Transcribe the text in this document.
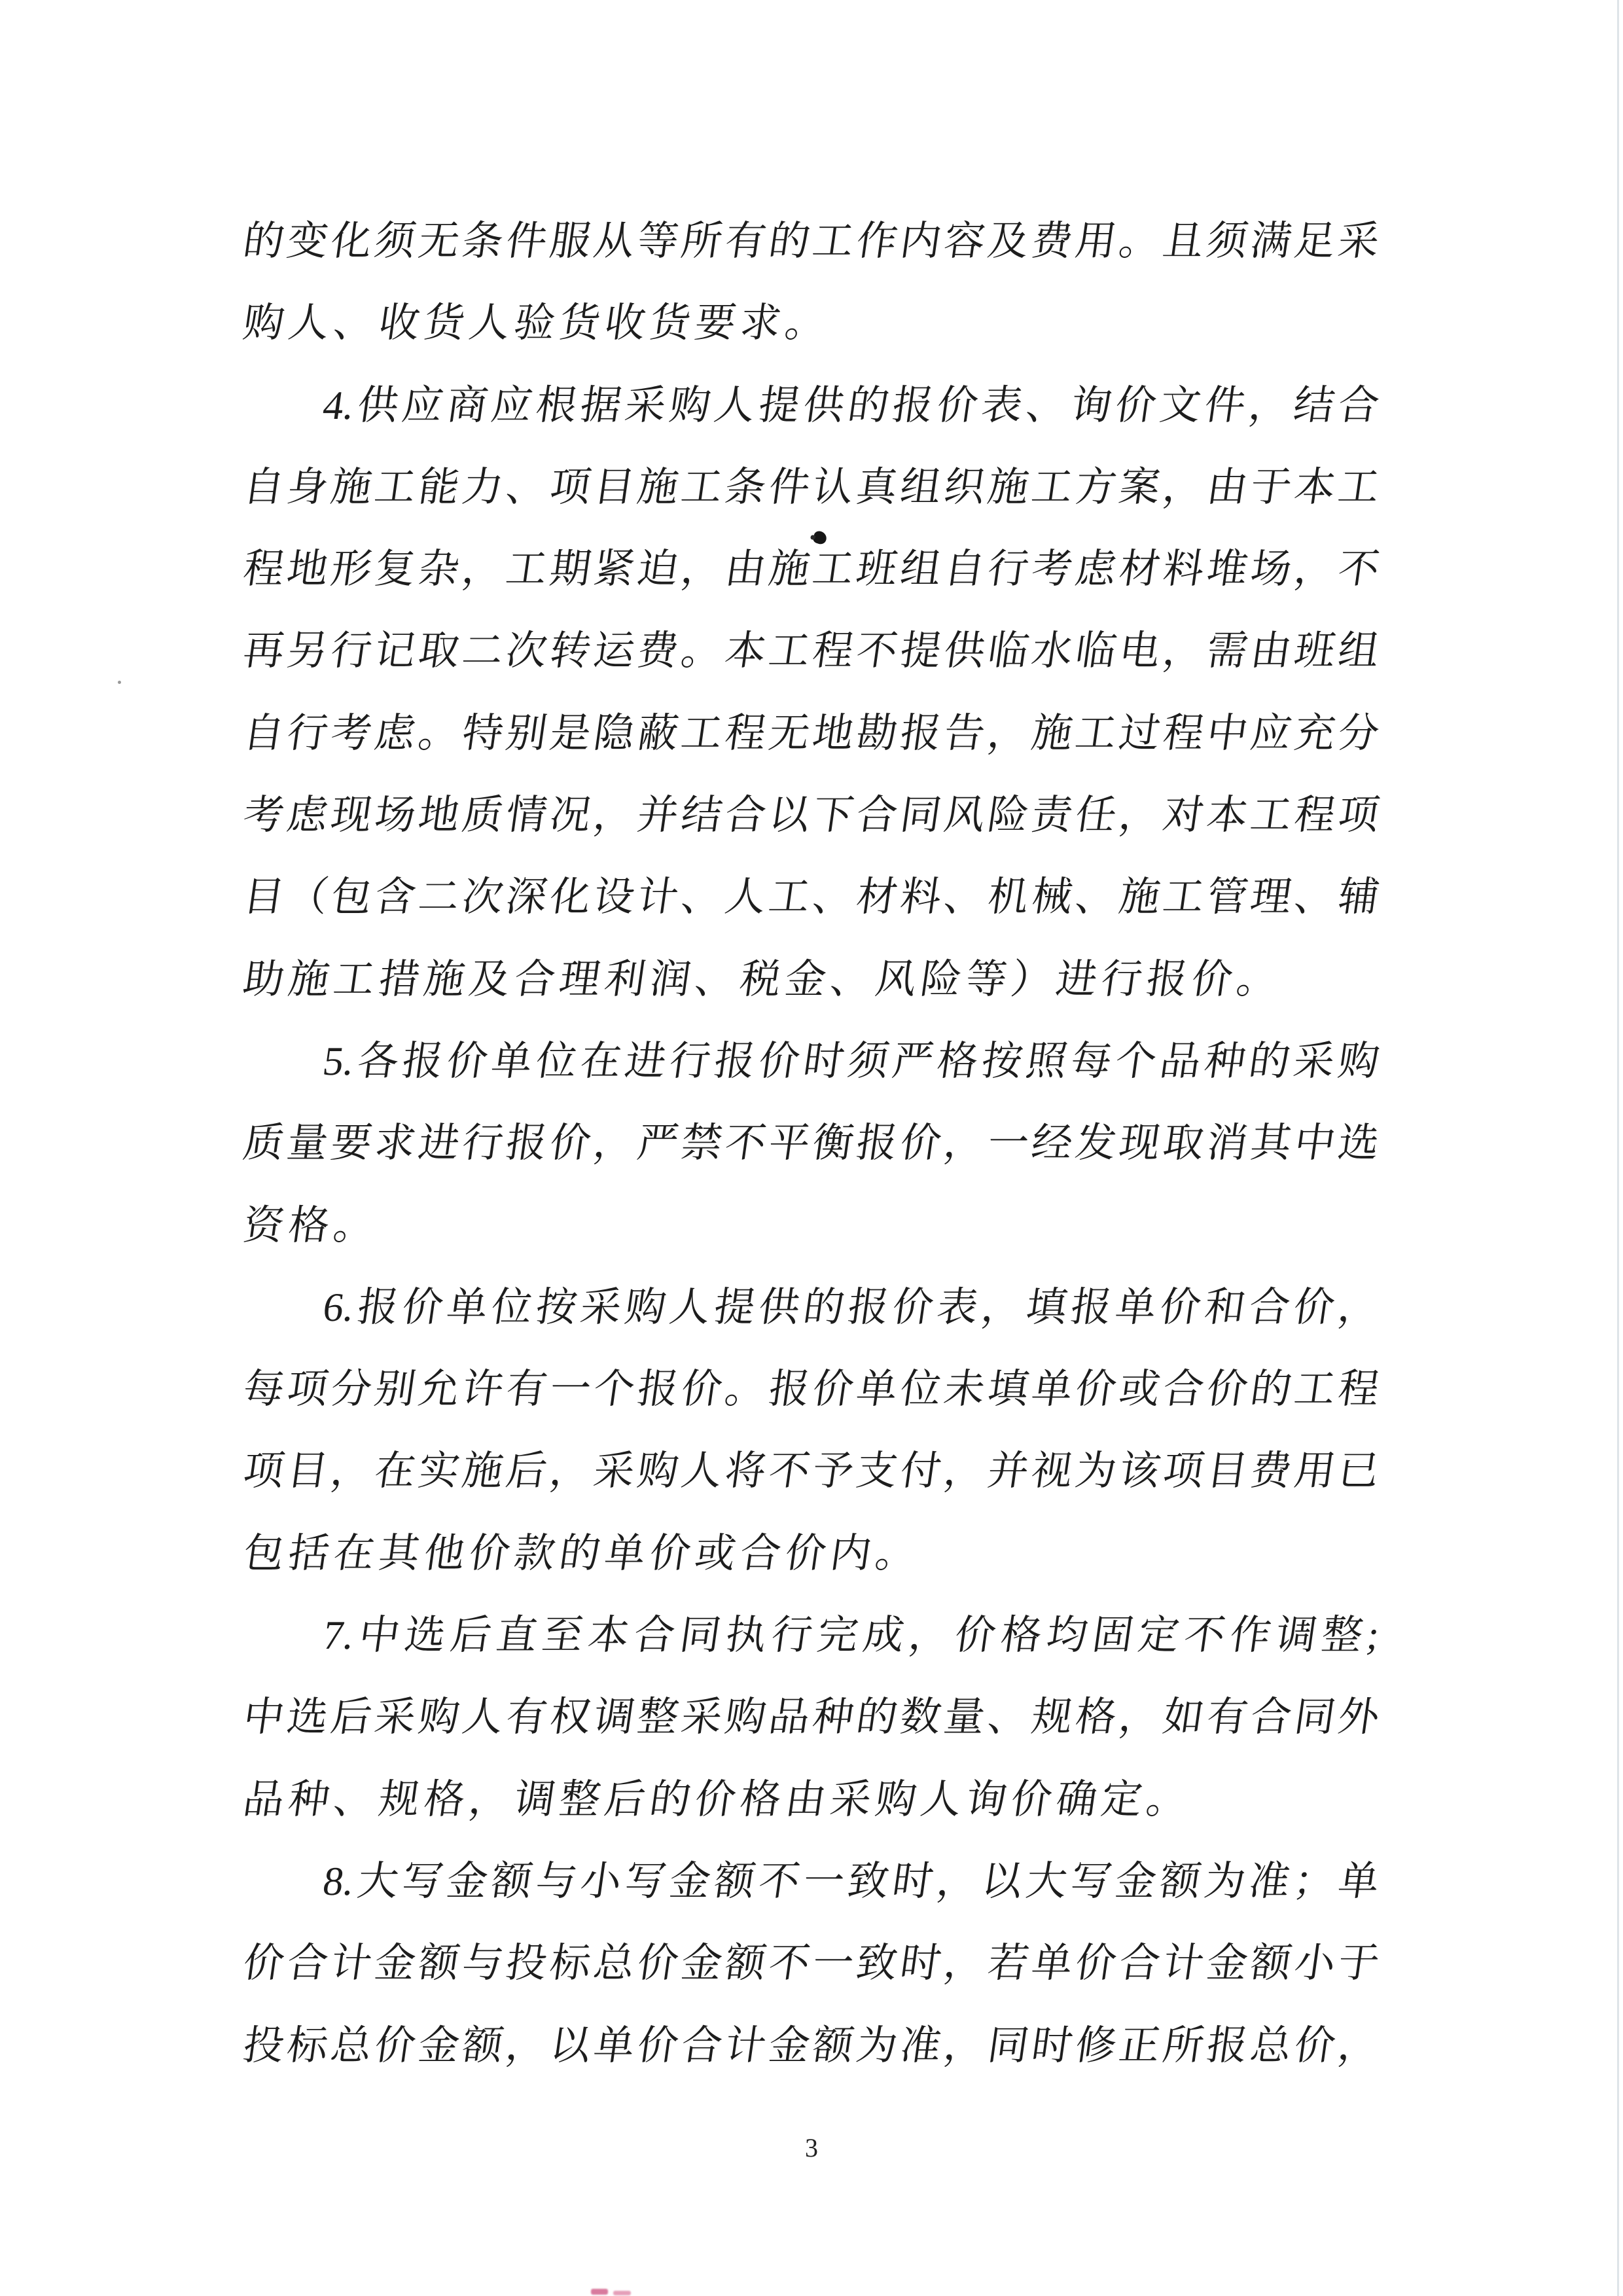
的变化须无条件服从等所有的工作内容及费用。且须满足采
购人、收货人验货收货要求。
4.供应商应根据采购人提供的报价表、询价文件，结合
自身施工能力、项目施工条件认真组织施工方案，由于本工
程地形复杂，工期紧迫，由施工班组自行考虑材料堆场，不
再另行记取二次转运费。本工程不提供临水临电，需由班组
自行考虑。特别是隐蔽工程无地勘报告，施工过程中应充分
考虑现场地质情况，并结合以下合同风险责任，对本工程项
目（包含二次深化设计、人工、材料、机械、施工管理、辅
助施工措施及合理利润、税金、风险等）进行报价。
5.各报价单位在进行报价时须严格按照每个品种的采购
质量要求进行报价，严禁不平衡报价，一经发现取消其中选
资格。
6.报价单位按采购人提供的报价表，填报单价和合价，
每项分别允许有一个报价。报价单位未填单价或合价的工程
项目，在实施后，采购人将不予支付，并视为该项目费用已
包括在其他价款的单价或合价内。
7.中选后直至本合同执行完成，价格均固定不作调整;
中选后采购人有权调整采购品种的数量、规格，如有合同外
品种、规格，调整后的价格由采购人询价确定。
8.大写金额与小写金额不一致时，以大写金额为准；单
价合计金额与投标总价金额不一致时，若单价合计金额小于
投标总价金额，以单价合计金额为准，同时修正所报总价，
3
